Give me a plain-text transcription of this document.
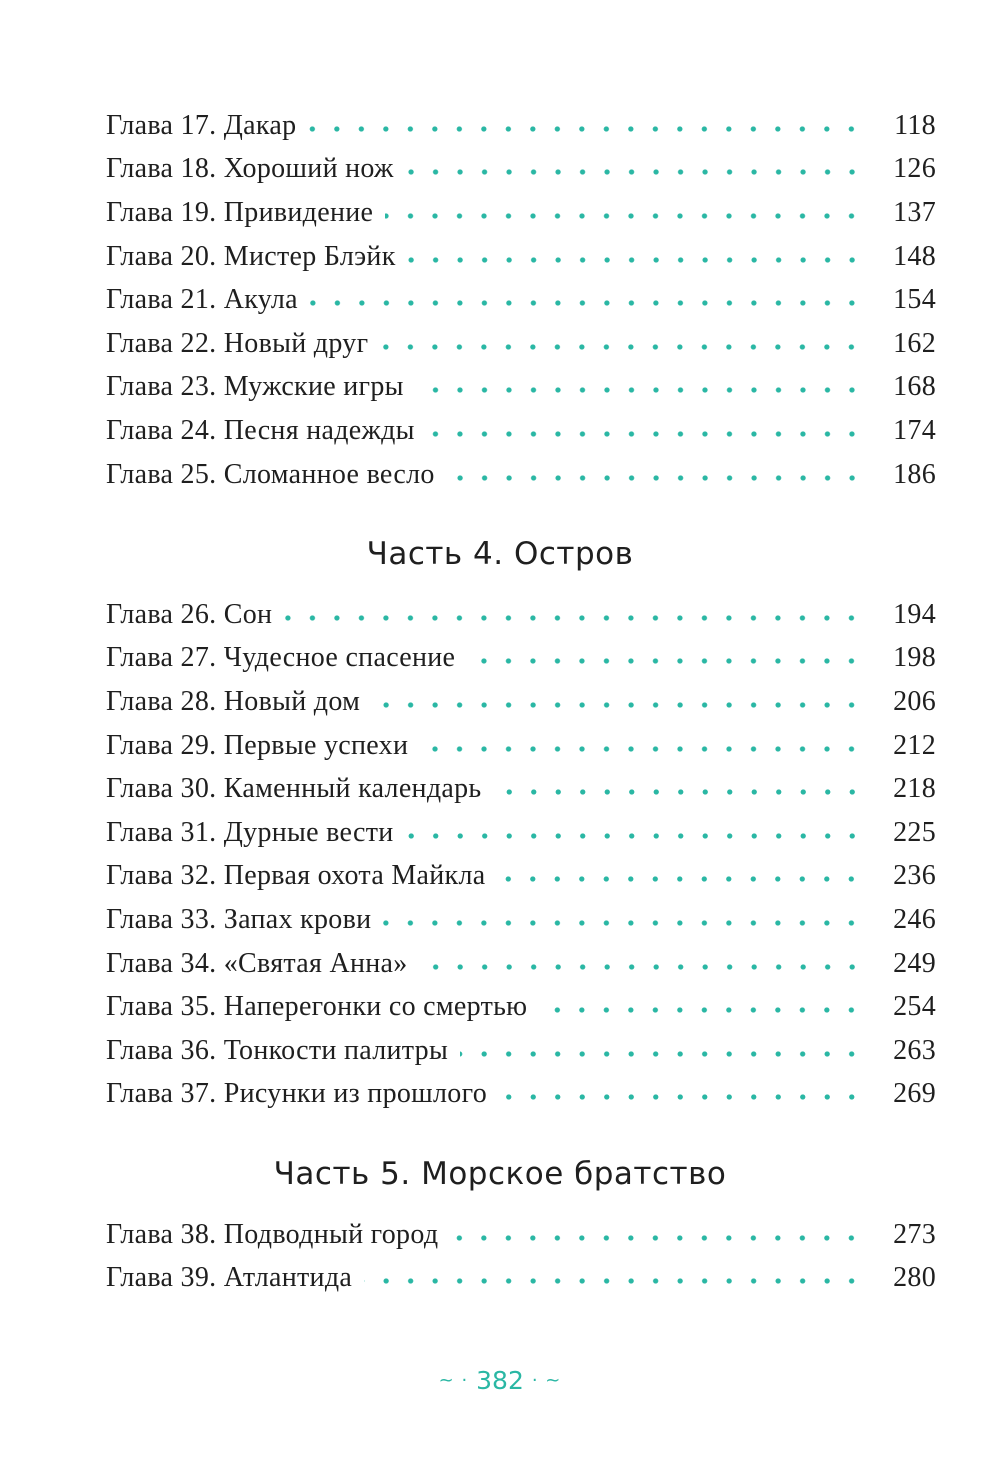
Глава 17. Дакар	118
Глава 18. Хороший нож	126
Глава 19. Привидение	137
Глава 20. Мистер Блэйк	148
Глава 21. Акула	154
Глава 22. Новый друг	162
Глава 23. Мужские игры	168
Глава 24. Песня надежды	174
Глава 25. Сломанное весло	186
Часть 4. Остров
Глава 26. Сон	194
Глава 27. Чудесное спасение	198
Глава 28. Новый дом	206
Глава 29. Первые успехи	212
Глава 30. Каменный календарь	218
Глава 31. Дурные вести	225
Глава 32. Первая охота Майкла	236
Глава 33. Запах крови	246
Глава 34. «Святая Анна»	249
Глава 35. Наперегонки со смертью	254
Глава 36. Тонкости палитры	263
Глава 37. Рисунки из прошлого	269
Часть 5. Морское братство
Глава 38. Подводный город	273
Глава 39. Атлантида	280
~ · 382 · ~
